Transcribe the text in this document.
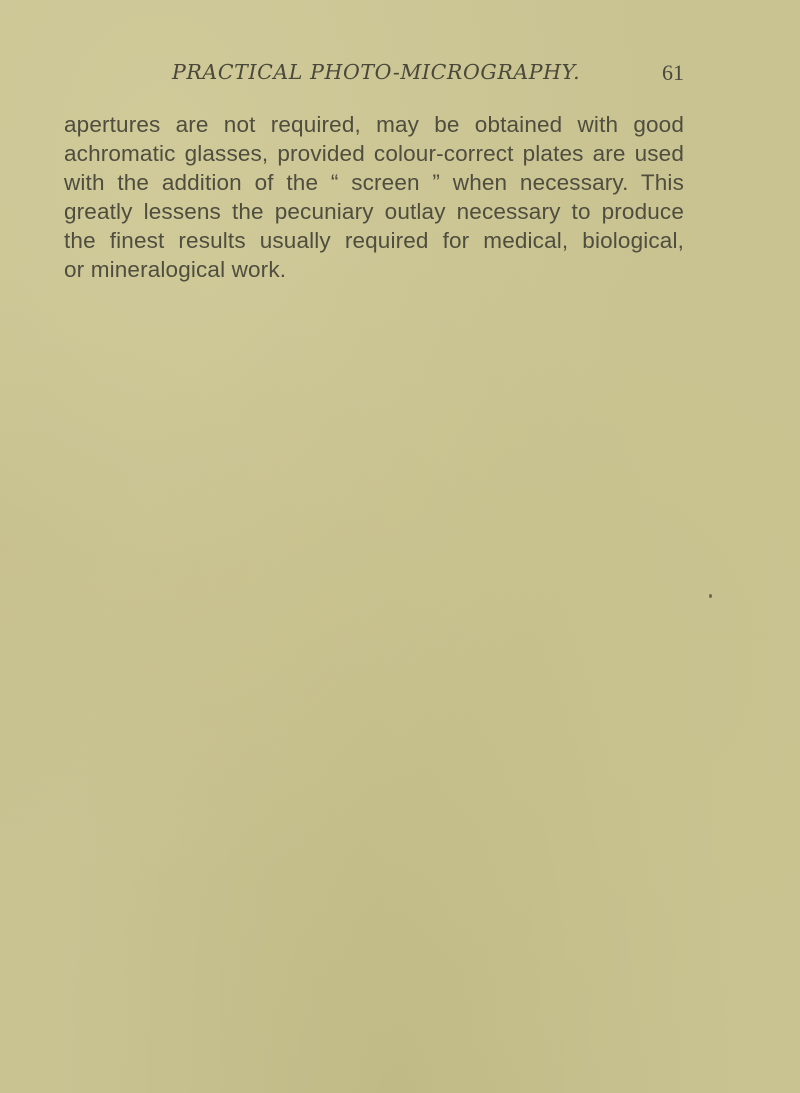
PRACTICAL PHOTO-MICROGRAPHY.	61
apertures are not required, may be obtained with good
achromatic glasses, provided colour-correct plates are used
with the addition of the “ screen ” when necessary. This
greatly lessens the pecuniary outlay necessary to produce
the finest results usually required for medical, biological,
or mineralogical work.
